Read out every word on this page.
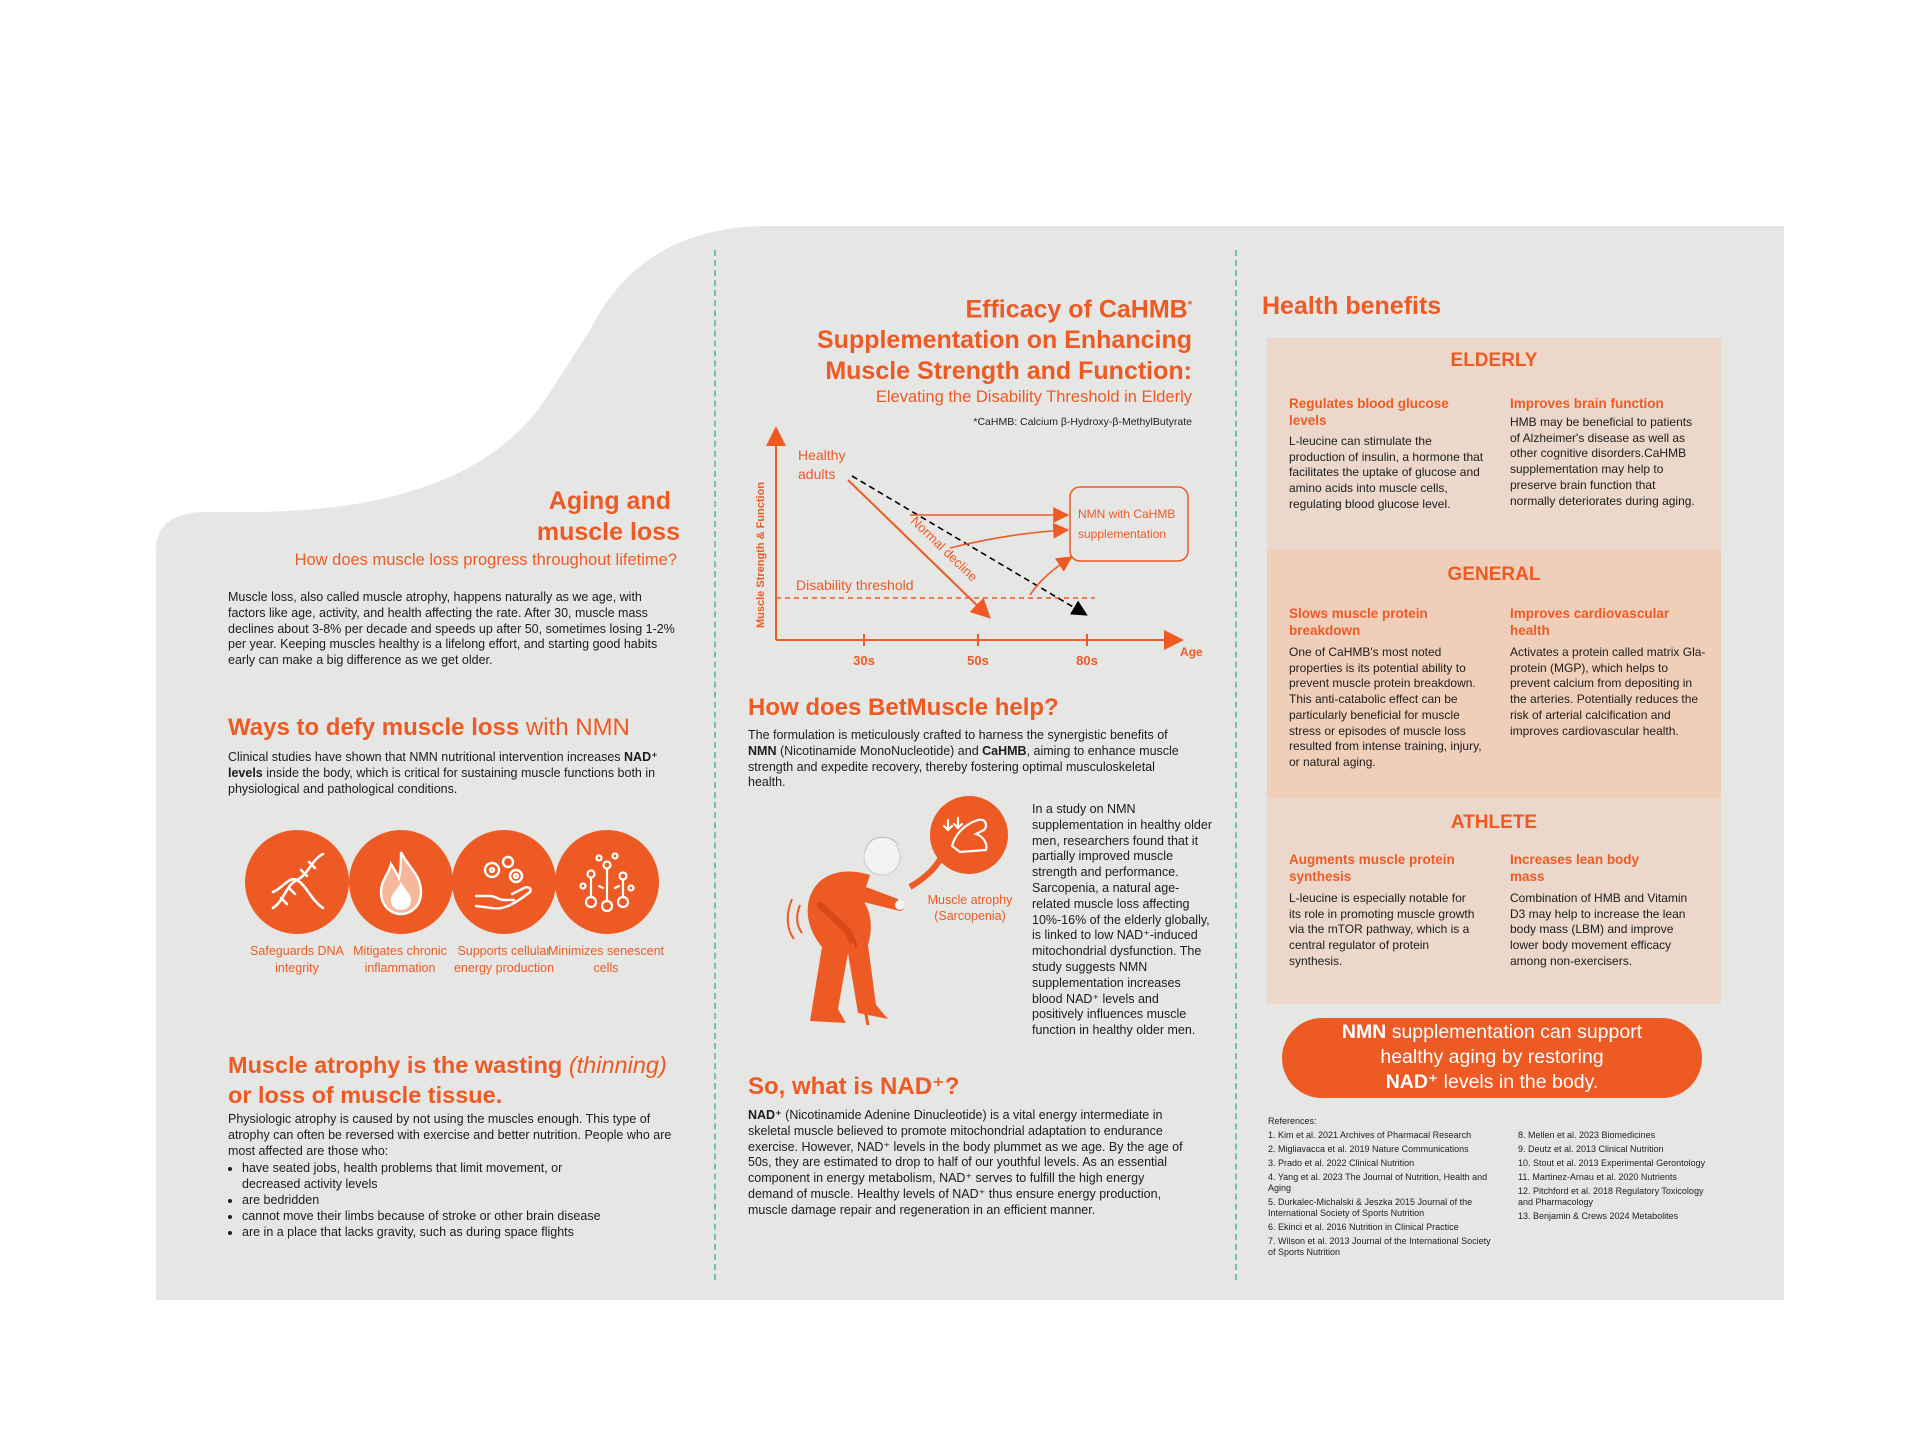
Aging and
muscle loss
How does muscle loss progress throughout lifetime?

Muscle loss, also called muscle atrophy, happens naturally as we age, with factors like age, activity, and health affecting the rate. After 30, muscle mass declines about 3-8% per decade and speeds up after 50, sometimes losing 1-2% per year. Keeping muscles healthy is a lifelong effort, and starting good habits early can make a big difference as we get older.

Ways to defy muscle loss with NMN

Clinical studies have shown that NMN nutritional intervention increases NAD⁺ levels inside the body, which is critical for sustaining muscle functions both in physiological and pathological conditions.

Safeguards DNA integrity
Mitigates chronic inflammation
Supports cellular energy production
Minimizes senescent cells
Muscle atrophy is the wasting (thinning)
or loss of muscle tissue.
Physiologic atrophy is caused by not using the muscles enough. This type of atrophy can often be reversed with exercise and better nutrition. People who are most affected are those who:
• have seated jobs, health problems that limit movement, or decreased activity levels
• are bedridden
• cannot move their limbs because of stroke or other brain disease
• are in a place that lacks gravity, such as during space flights
Efficacy of CaHMB*
Supplementation on Enhancing
Muscle Strength and Function:
Elevating the Disability Threshold in Elderly
*CaHMB: Calcium β-Hydroxy-β-MethylButyrate
30s	50s	80s
Age
Muscle Strength & Function
Healthy
adults
Disability threshold
Normal decline	NMN with CaHMB
supplementation
How does BetMuscle help?

The formulation is meticulously crafted to harness the synergistic benefits of NMN (Nicotinamide MonoNucleotide) and CaHMB, aiming to enhance muscle strength and expedite recovery, thereby fostering optimal musculoskeletal health.

Muscle atrophy
(Sarcopenia)

In a study on NMN supplementation in healthy older men, researchers found that it partially improved muscle strength and performance. Sarcopenia, a natural age-related muscle loss affecting 10%-16% of the elderly globally, is linked to low NAD⁺-induced mitochondrial dysfunction. The study suggests NMN supplementation increases blood NAD⁺ levels and positively influences muscle function in healthy older men.

So, what is NAD⁺?

NAD⁺ (Nicotinamide Adenine Dinucleotide) is a vital energy intermediate in skeletal muscle believed to promote mitochondrial adaptation to endurance exercise. However, NAD⁺ levels in the body plummet as we age. By the age of 50s, they are estimated to drop to half of our youthful levels. As an essential component in energy metabolism, NAD⁺ serves to fulfill the high energy demand of muscle. Healthy levels of NAD⁺ thus ensure energy production, muscle damage repair and regeneration in an efficient manner.

Health benefits
ELDERLY
Regulates blood glucose levels
L-leucine can stimulate the production of insulin, a hormone that facilitates the uptake of glucose and amino acids into muscle cells, regulating blood glucose level.
Improves brain function
HMB may be beneficial to patients of Alzheimer's disease as well as other cognitive disorders.CaHMB supplementation may help to preserve brain function that normally deteriorates during aging.
GENERAL
Slows muscle protein breakdown
One of CaHMB's most noted properties is its potential ability to prevent muscle protein breakdown. This anti-catabolic effect can be particularly beneficial for muscle stress or episodes of muscle loss resulted from intense training, injury, or natural aging.
Improves cardiovascular health
Activates a protein called matrix Gla-protein (MGP), which helps to prevent calcium from depositing in the arteries. Potentially reduces the risk of arterial calcification and improves cardiovascular health.
ATHLETE
Augments muscle protein synthesis
L-leucine is especially notable for its role in promoting muscle growth via the mTOR pathway, which is a central regulator of protein synthesis.
Increases lean body mass
Combination of HMB and Vitamin D3 may help to increase the lean body mass (LBM) and improve lower body movement efficacy among non-exercisers.
NMN supplementation can support
healthy aging by restoring
NAD⁺ levels in the body.
References:
1. Kim et al. 2021 Archives of Pharmacal Research
2. Migliavacca et al. 2019 Nature Communications
3. Prado et al. 2022 Clinical Nutrition
4. Yang et al. 2023 The Journal of Nutrition, Health and Aging
5. Durkalec-Michalski & Jeszka 2015 Journal of the International Society of Sports Nutrition
6. Ekinci et al. 2016 Nutrition in Clinical Practice
7. Wilson et al. 2013 Journal of the International Society of Sports Nutrition
8. Mellen et al. 2023 Biomedicines
9. Deutz et al. 2013 Clinical Nutrition
10. Stout et al. 2013 Experimental Gerontology
11. Martinez-Arnau et al. 2020 Nutrients
12. Pitchford et al. 2018 Regulatory Toxicology and Pharmacology
13. Benjamin & Crews 2024 Metabolites
